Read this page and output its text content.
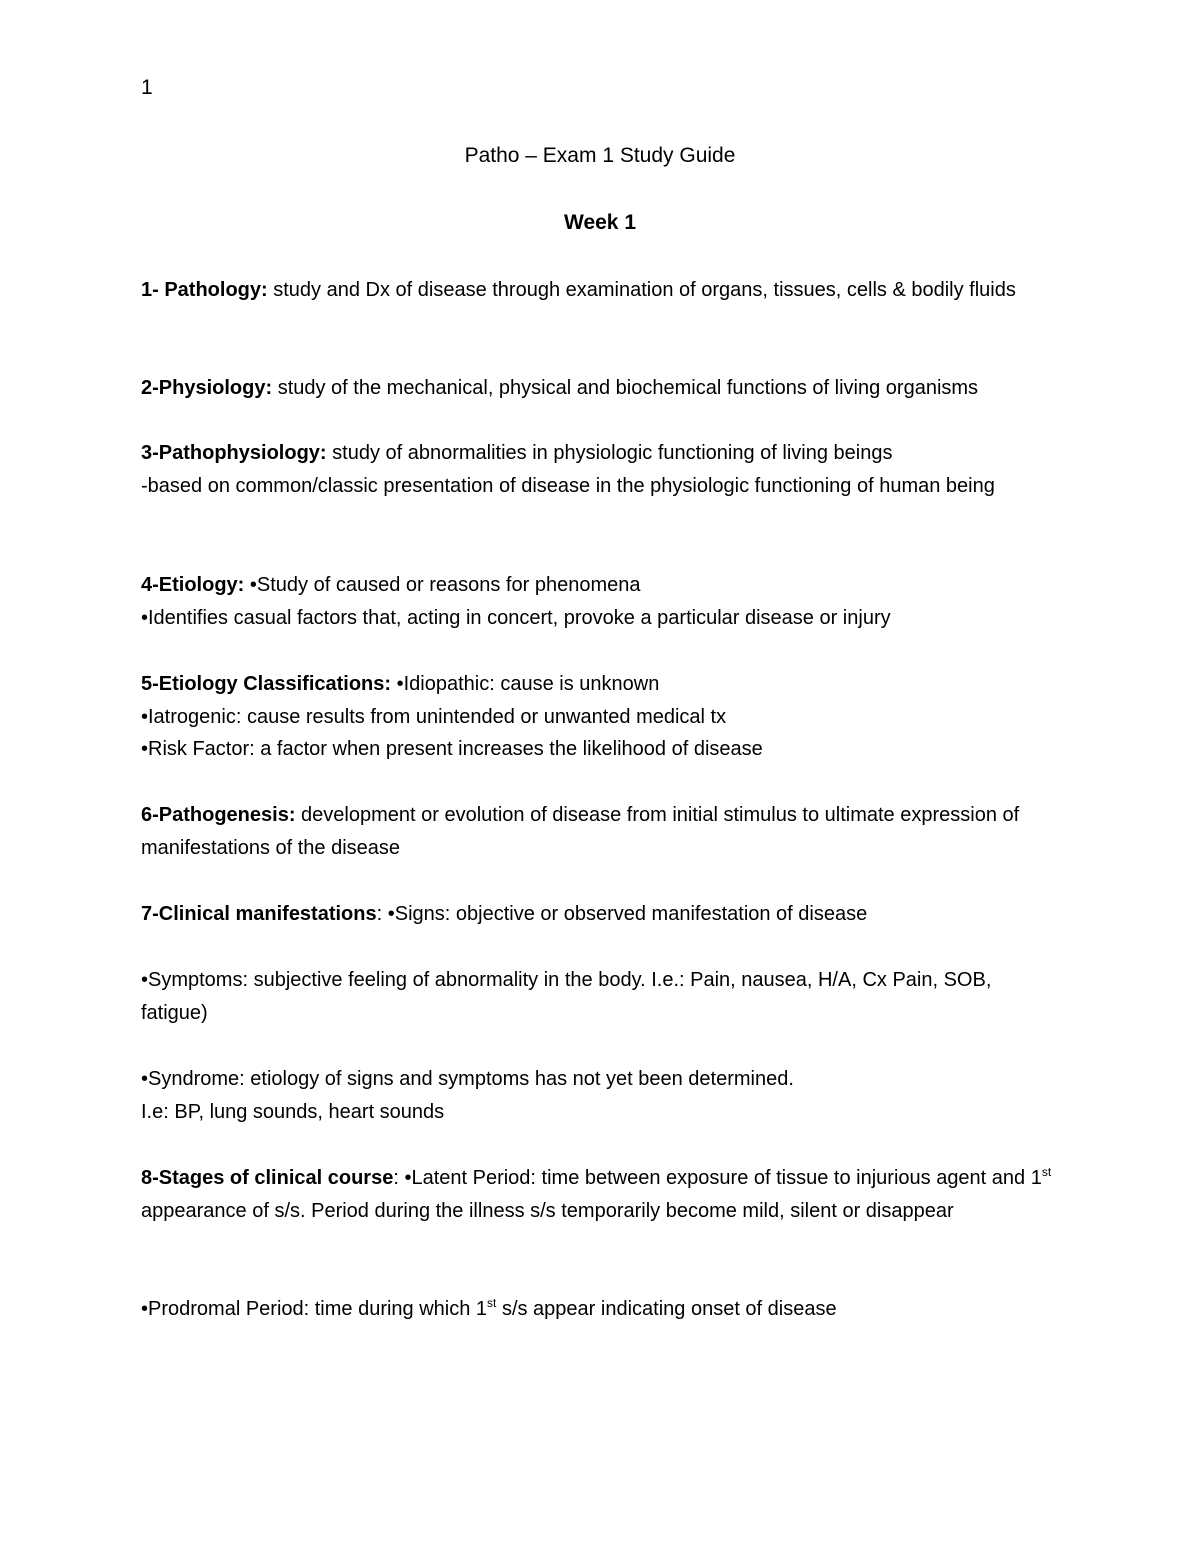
1
Patho – Exam 1 Study Guide
Week 1

1- Pathology: study and Dx of disease through examination of organs, tissues, cells & bodily fluids

2-Physiology: study of the mechanical, physical and biochemical functions of living organisms

3-Pathophysiology: study of abnormalities in physiologic functioning of living beings
-based on common/classic presentation of disease in the physiologic functioning of human being

4-Etiology: •Study of caused or reasons for phenomena
•Identifies casual factors that, acting in concert, provoke a particular disease or injury

5-Etiology Classifications: •Idiopathic: cause is unknown
•Iatrogenic: cause results from unintended or unwanted medical tx
•Risk Factor: a factor when present increases the likelihood of disease

6-Pathogenesis: development or evolution of disease from initial stimulus to ultimate expression of manifestations of the disease

7-Clinical manifestations: •Signs: objective or observed manifestation of disease

•Symptoms: subjective feeling of abnormality in the body. I.e.: Pain, nausea, H/A, Cx Pain, SOB, fatigue)

•Syndrome: etiology of signs and symptoms has not yet been determined.
I.e: BP, lung sounds, heart sounds

8-Stages of clinical course: •Latent Period: time between exposure of tissue to injurious agent and 1st appearance of s/s. Period during the illness s/s temporarily become mild, silent or disappear

•Prodromal Period: time during which 1st s/s appear indicating onset of disease
